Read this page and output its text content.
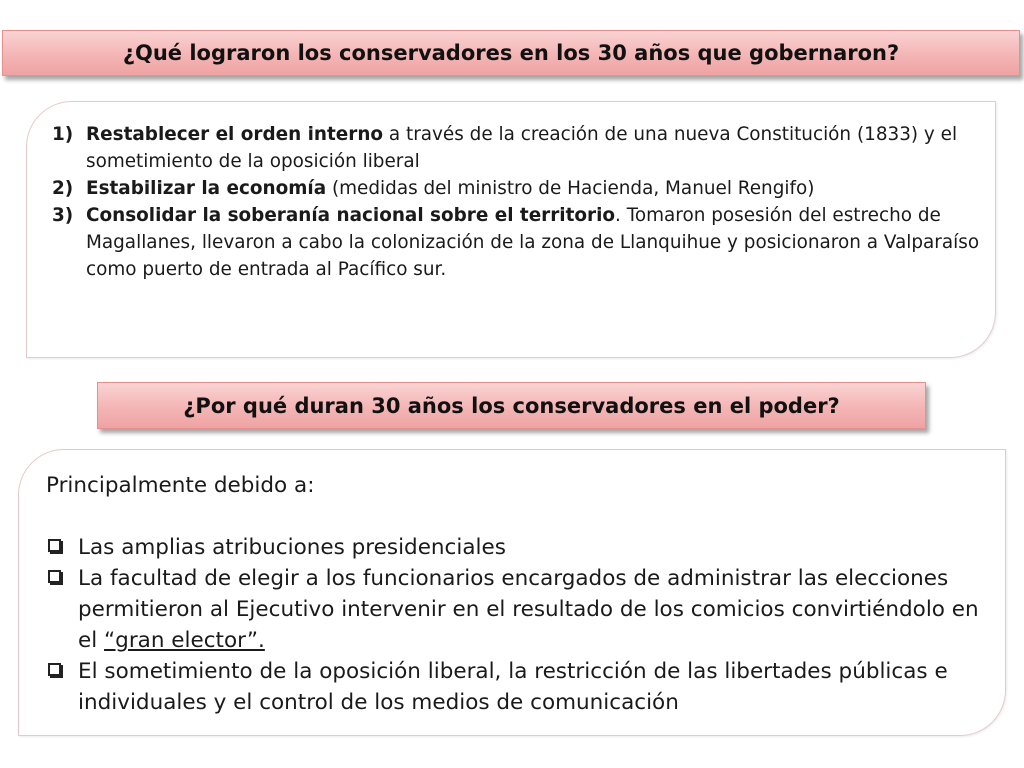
¿Qué lograron los conservadores en los 30 años que gobernaron?
1) Restablecer el orden interno a través de la creación de una nueva Constitución (1833) y el sometimiento de la oposición liberal
2) Estabilizar la economía (medidas del ministro de Hacienda, Manuel Rengifo)
3) Consolidar la soberanía nacional sobre el territorio. Tomaron posesión del estrecho de Magallanes, llevaron a cabo la colonización de la zona de Llanquihue y posicionaron a Valparaíso como puerto de entrada al Pacífico sur.
¿Por qué duran 30 años los conservadores en el poder?
Principalmente debido a:
Las amplias atribuciones presidenciales
La facultad de elegir a los funcionarios encargados de administrar las elecciones permitieron al Ejecutivo intervenir en el resultado de los comicios convirtiéndolo en el “gran elector”.
El sometimiento de la oposición liberal, la restricción de las libertades públicas e individuales y el control de los medios de comunicación
